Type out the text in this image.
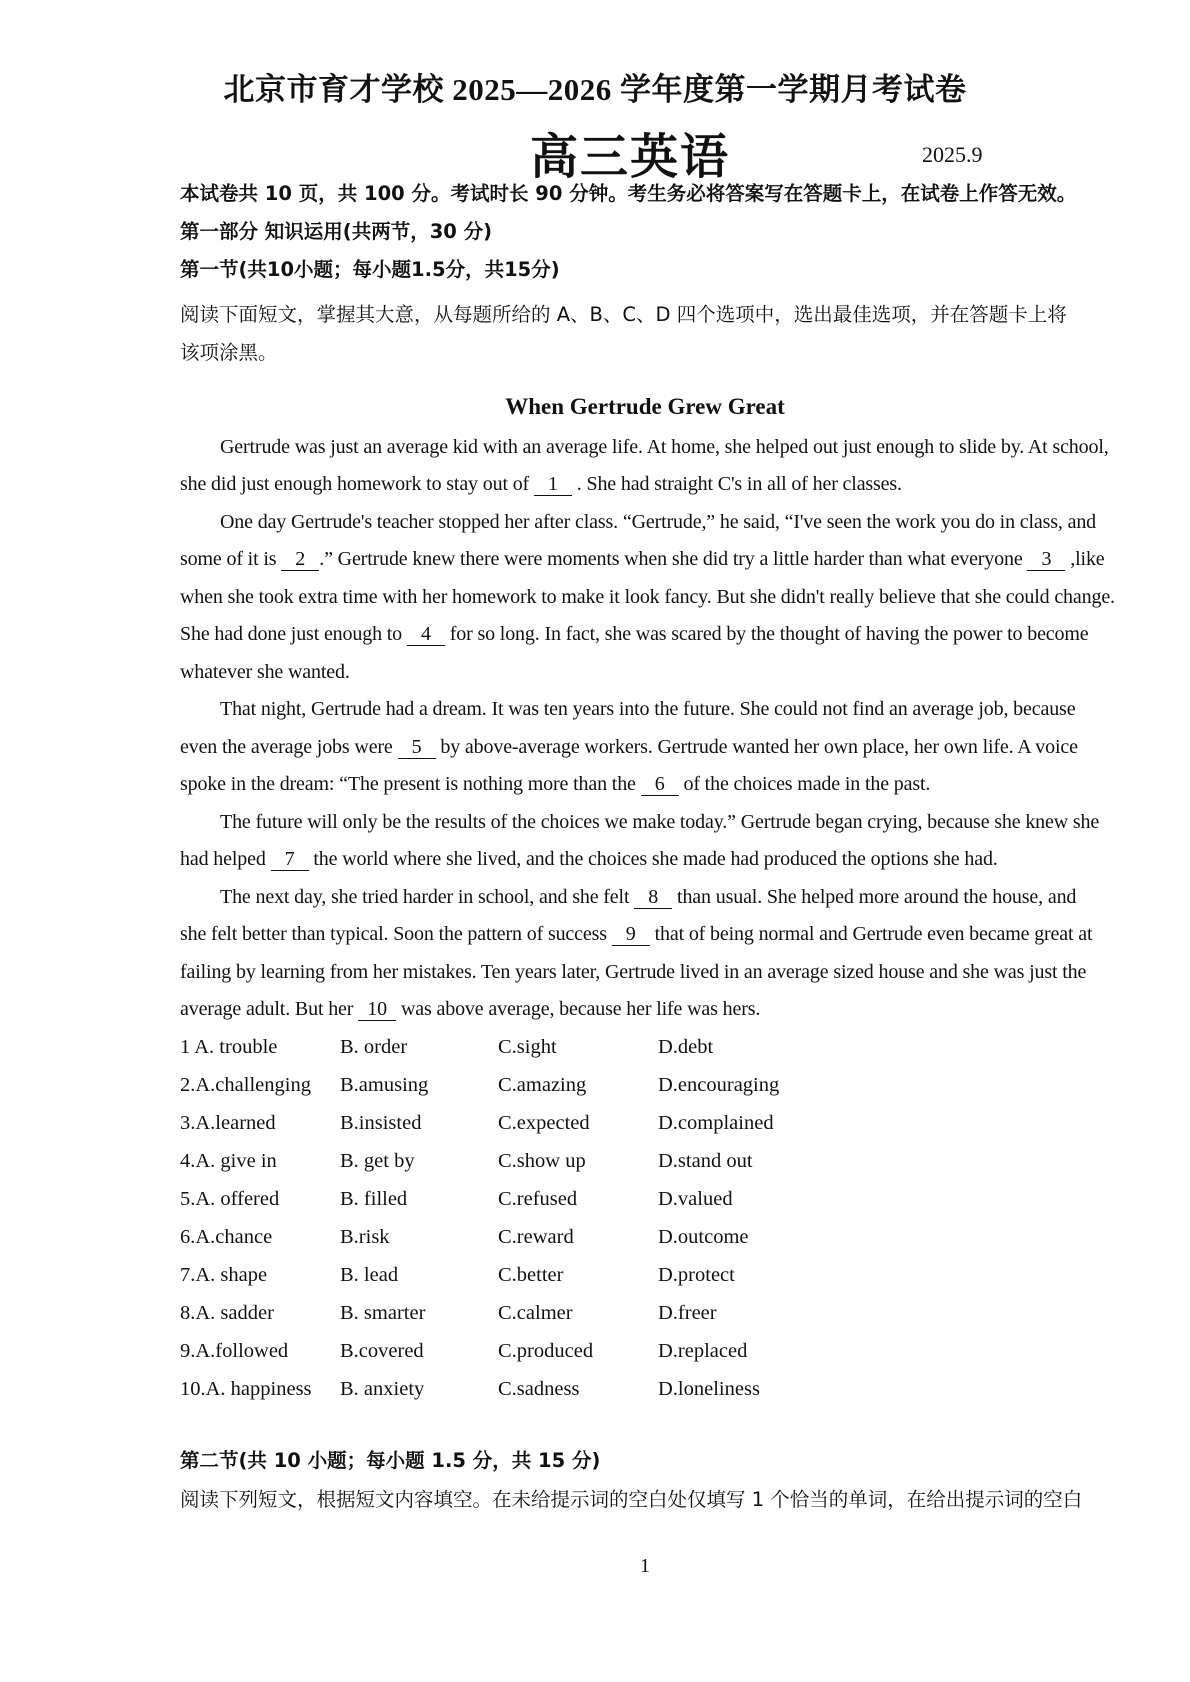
北京市育才学校 2025—2026 学年度第一学期月考试卷
高三英语	2025.9
本试卷共 10 页，共 100 分。考试时长 90 分钟。考生务必将答案写在答题卡上，在试卷上作答无效。
第一部分 知识运用(共两节，30 分)
第一节(共10小题；每小题1.5分，共15分)
阅读下面短文，掌握其大意，从每题所给的 A、B、C、D 四个选项中，选出最佳选项，并在答题卡上将
该项涂黑。
When Gertrude Grew Great
Gertrude was just an average kid with an average life. At home, she helped out just enough to slide by. At school,
she did just enough homework to stay out of 1 . She had straight C's in all of her classes.
One day Gertrude's teacher stopped her after class. “Gertrude,” he said, “I've seen the work you do in class, and
some of it is 2 .” Gertrude knew there were moments when she did try a little harder than what everyone 3 ,like
when she took extra time with her homework to make it look fancy. But she didn't really believe that she could change.
She had done just enough to 4 for so long. In fact, she was scared by the thought of having the power to become
whatever she wanted.
That night, Gertrude had a dream. It was ten years into the future. She could not find an average job, because
even the average jobs were 5 by above-average workers. Gertrude wanted her own place, her own life. A voice
spoke in the dream: “The present is nothing more than the 6 of the choices made in the past.
The future will only be the results of the choices we make today.” Gertrude began crying, because she knew she
had helped 7 the world where she lived, and the choices she made had produced the options she had.
The next day, she tried harder in school, and she felt 8 than usual. She helped more around the house, and
she felt better than typical. Soon the pattern of success 9 that of being normal and Gertrude even became great at
failing by learning from her mistakes. Ten years later, Gertrude lived in an average sized house and she was just the
average adult. But her 10 was above average, because her life was hers.
1 A. trouble	B. order	C.sight	D.debt
2.A.challenging B.amusing	C.amazing	D.encouraging
3.A.learned	B.insisted	C.expected	D.complained
4.A. give in	B. get by	C.show up	D.stand out
5.A. offered	B. filled	C.refused	D.valued
6.A.chance	B.risk	C.reward	D.outcome
7.A. shape	B. lead	C.better	D.protect
8.A. sadder	B. smarter	C.calmer	D.freer
9.A.followed	B.covered	C.produced	D.replaced
10.A. happiness B. anxiety	C.sadness	D.loneliness
第二节(共 10 小题；每小题 1.5 分，共 15 分)
阅读下列短文，根据短文内容填空。在未给提示词的空白处仅填写 1 个恰当的单词，在给出提示词的空白
1
